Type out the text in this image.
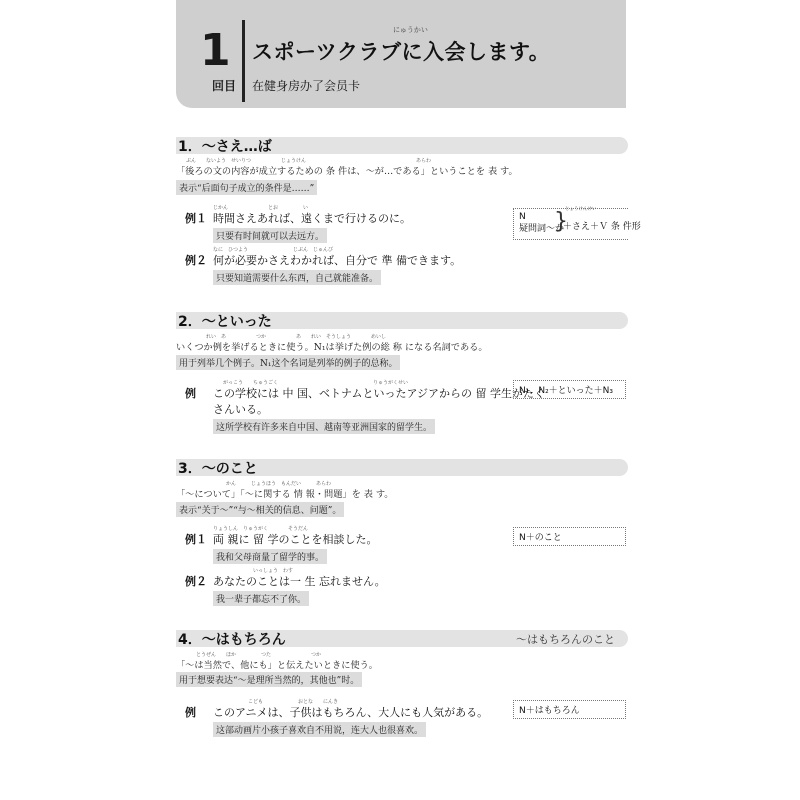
1
回目
にゅうかい
スポーツクラブに入会します。
在健身房办了会员卡
1．～さえ…ば
ぶん　　ないよう　せいりつ　　　　　　じょうけん　　　　　　　　　　　　　　　　　　　　　　あらわ
「後ろの文の内容が成立するための 条 件は、～が…である」ということを 表 す。
表示“后面句子成立的条件是……”
じかん　　　　　　　　とお　　　　　い
例１ 時間さえあれば、遠くまで行けるのに。
只要有时间就可以去远方。
なに　ひつよう　　　　　　　　　じぶん　じゅんび
例２ 何が必要かさえわかれば、自分で 準 備できます。
只要知道需要什么东西，自己就能准备。
N
疑問詞～か
}
じょうけんけい
＋さえ＋Ｖ 条 件形
2．～といった
　　　　れい　あ　　　　　　つか　　　　　　あ　　れい　そうしょう　　　　めいし
いくつか例を挙げるときに使う。N₁は挙げた例の総 称 になる名詞である。
用于列举几个例子。N₁这个名词是列举的例子的总称。
　　がっこう　　ちゅうごく　　　　　　　　　　　　　　　　　　　りゅうがくせい
例 この学校には 中 国、ベトナムといったアジアからの 留 学生がたく
さんいる。
这所学校有许多来自中国、越南等亚洲国家的留学生。
N₁、N₂＋といった＋N₃
3．～のこと
　　　　　　　　かん　　　じょうほう　もんだい　　　あらわ
「～について」「～に関する 情 報・問題」を 表 す。
表示“关于～”“与～相关的信息、问题”。
りょうしん　りゅうがく　　　　そうだん
例１ 両 親に 留 学のことを相談した。
我和父母商量了留学的事。
　　　　　　　　いっしょう　わす
例２ あなたのことは一 生 忘れません。
我一辈子都忘不了你。
N＋のこと
4．～はもちろん	～はもちろんのこと
　　とうぜん　　ほか　　　　　つた　　　　　　　　つか
「～は当然で、他にも」と伝えたいときに使う。
用于想要表达“～是理所当然的，其他也”时。
　　　　　　　こども　　　　　　　おとな　　にんき
例 このアニメは、子供はもちろん、大人にも人気がある。
这部动画片小孩子喜欢自不用说，连大人也很喜欢。
N＋はもちろん
